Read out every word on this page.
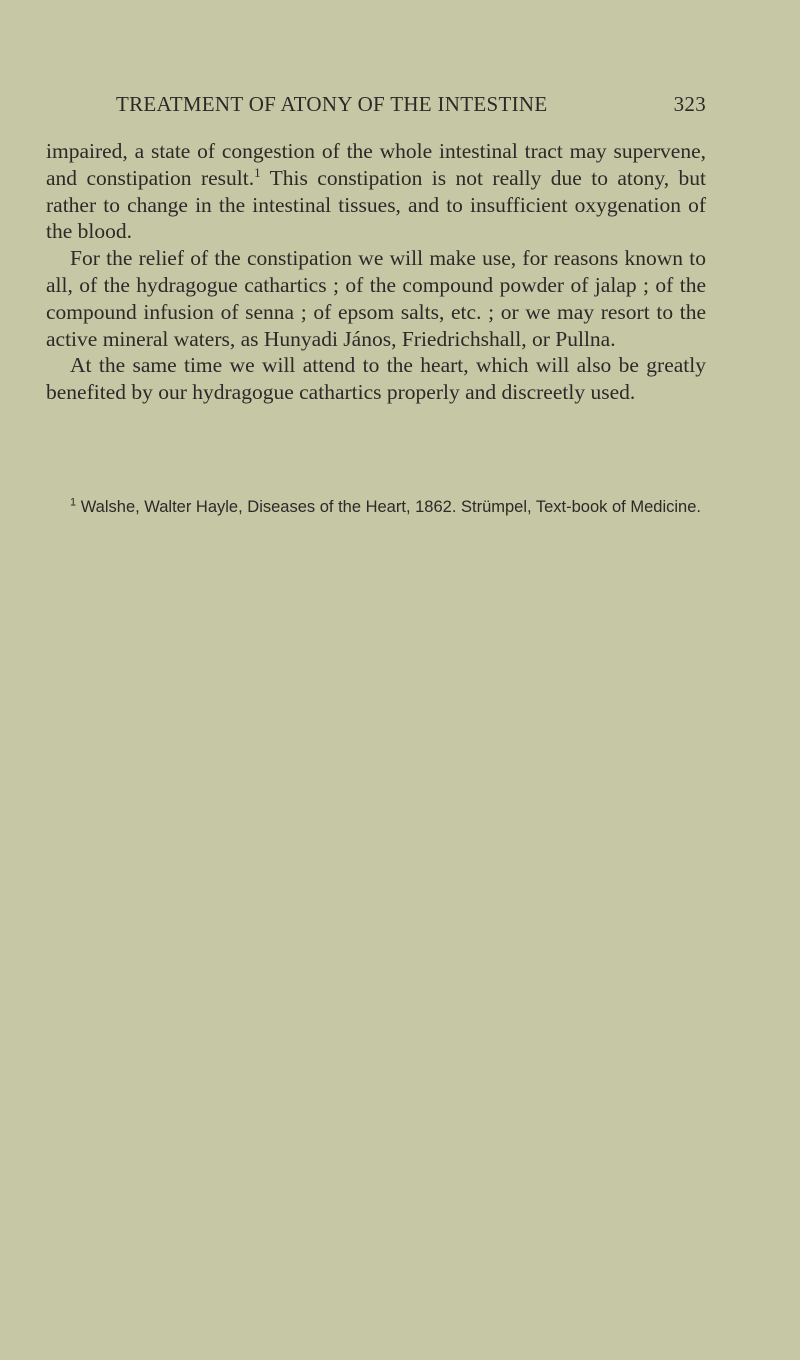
TREATMENT OF ATONY OF THE INTESTINE	323

impaired, a state of congestion of the whole intestinal tract may supervene, and constipation result.$^1$ This constipation is not really due to atony, but rather to change in the intestinal tissues, and to insufficient oxygenation of the blood.

For the relief of the constipation we will make use, for reasons known to all, of the hydragogue cathartics ; of the compound powder of jalap ; of the compound infusion of senna ; of epsom salts, etc. ; or we may resort to the active mineral waters, as Hunyadi János, Friedrichshall, or Pullna.

At the same time we will attend to the heart, which will also be greatly benefited by our hydragogue cathartics properly and discreetly used.

$^1$ Walshe, Walter Hayle, Diseases of the Heart, 1862. Strümpel, Text-book of Medicine.
